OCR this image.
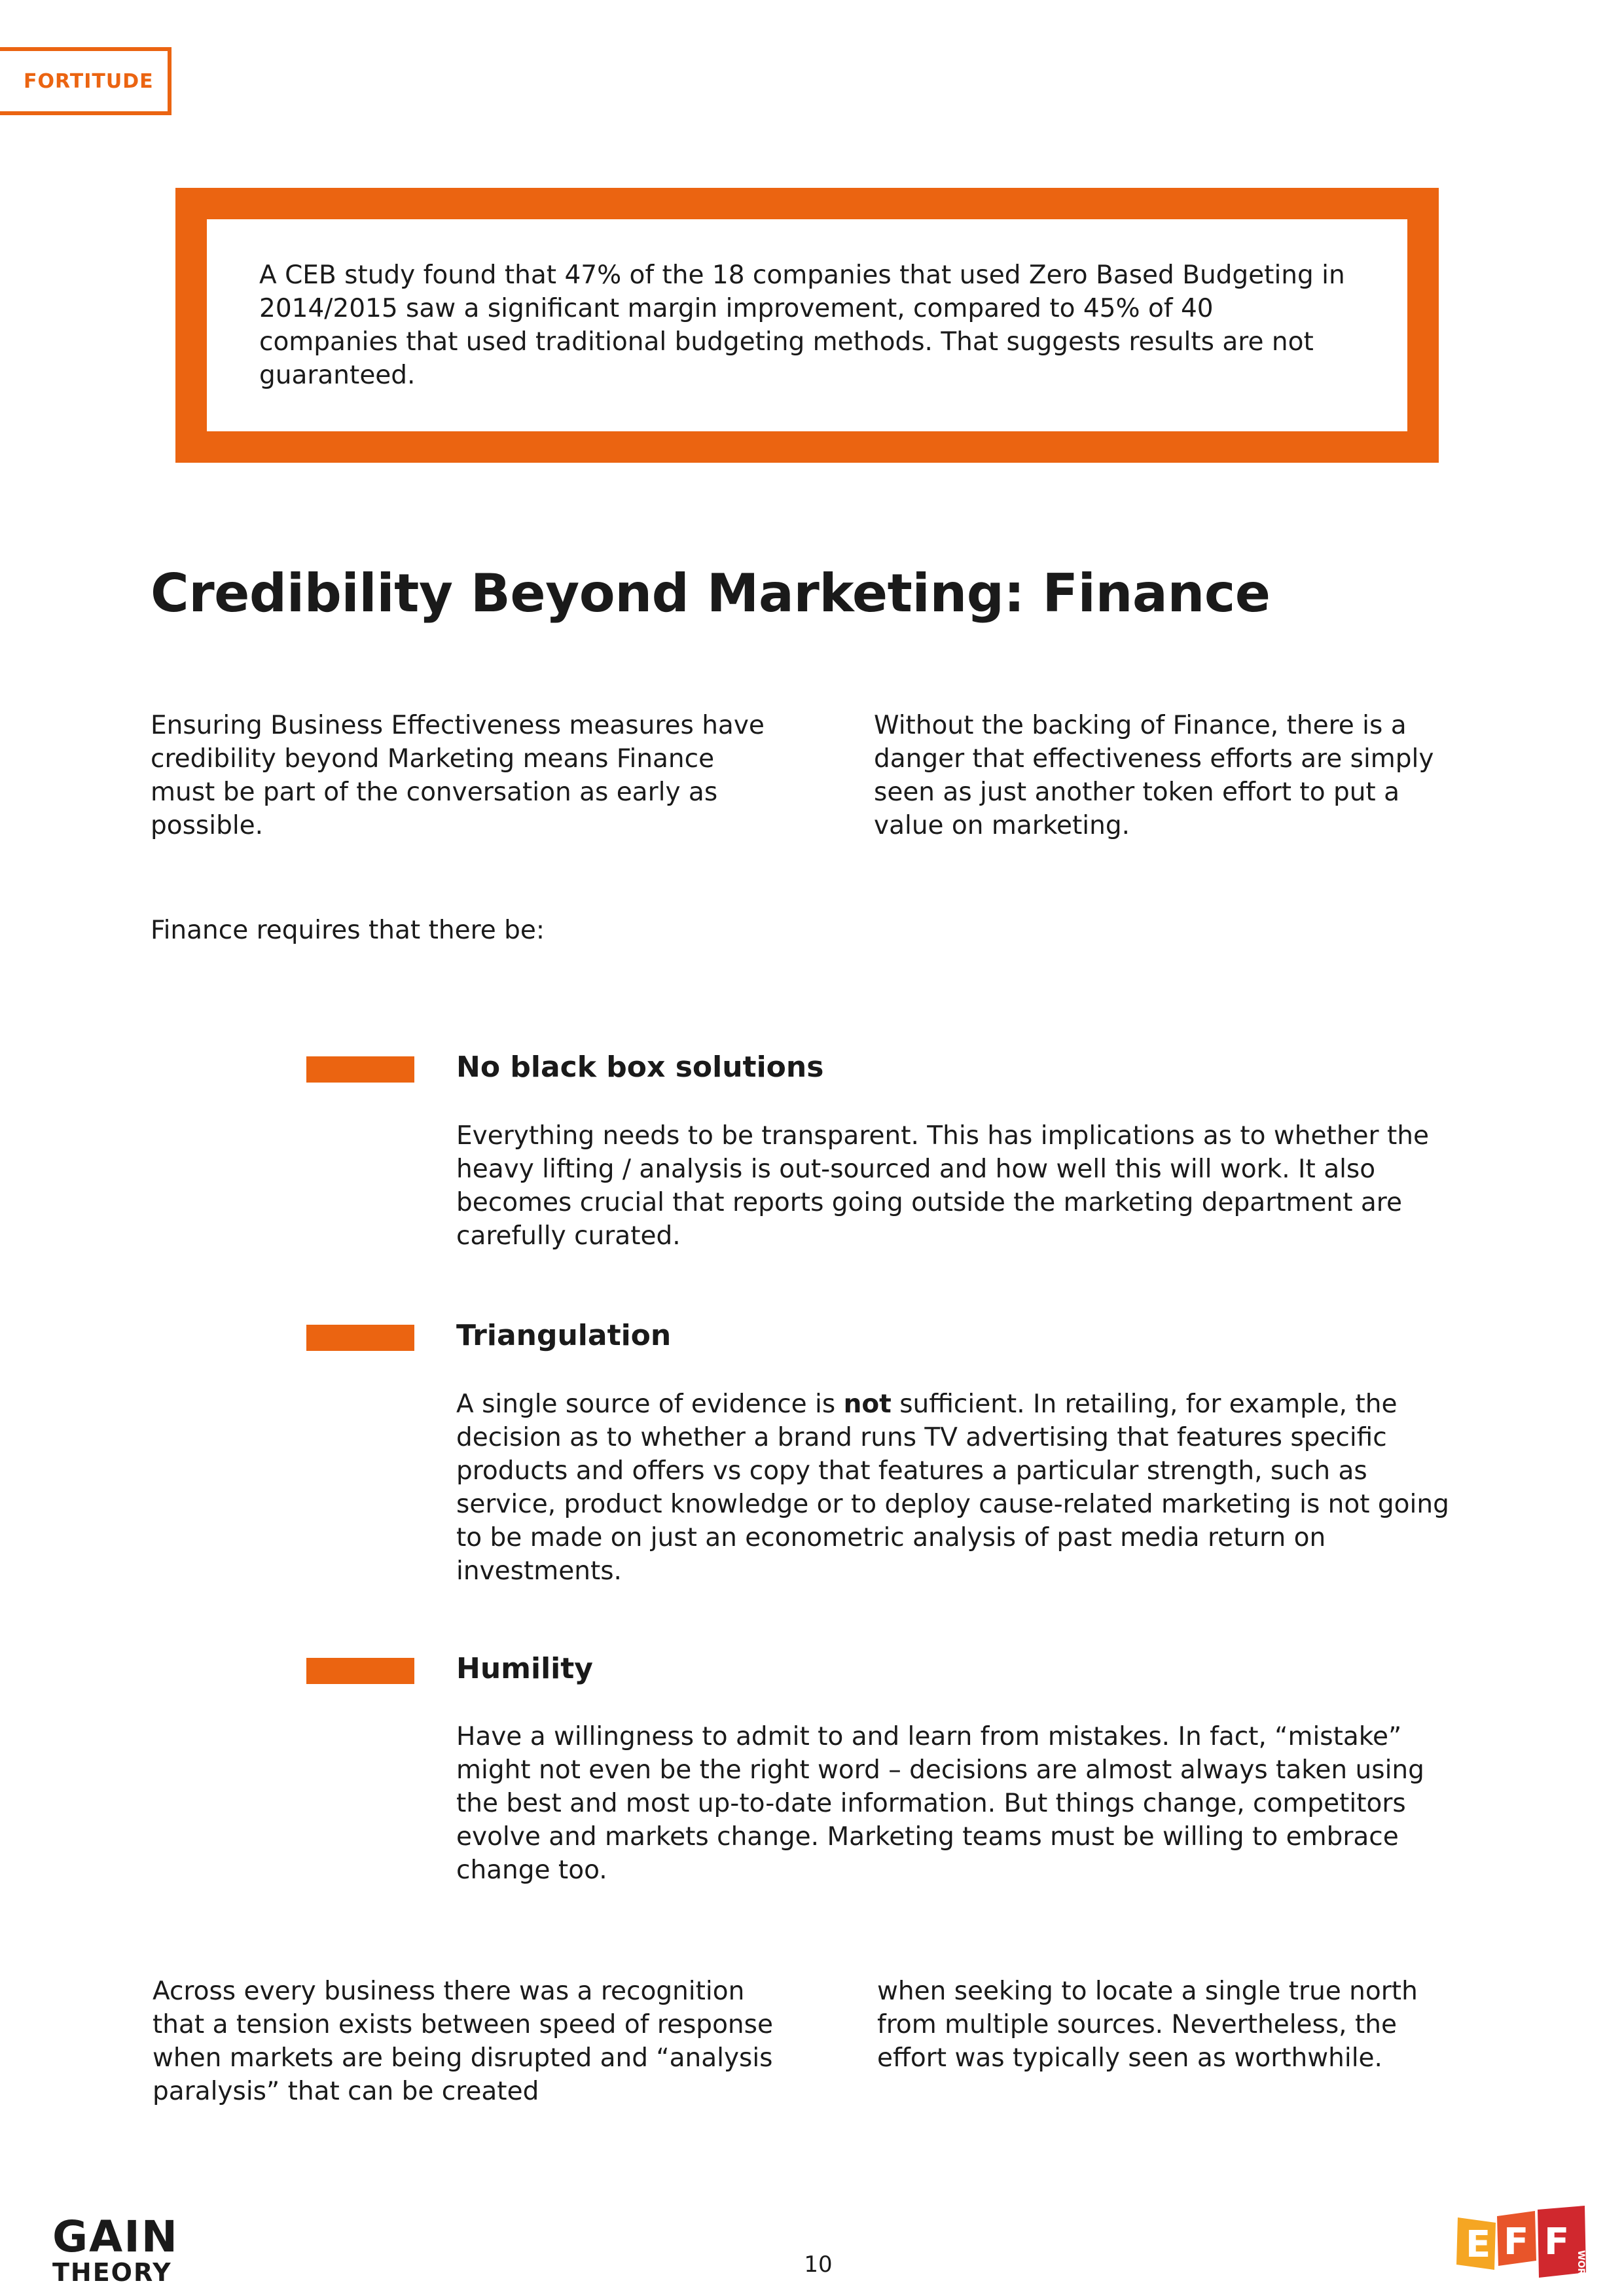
FORTITUDE

A CEB study found that 47% of the 18 companies that used Zero Based Budgeting in 2014/2015 saw a significant margin improvement, compared to 45% of 40 companies that used traditional budgeting methods. That suggests results are not guaranteed.

Credibility Beyond Marketing: Finance

Ensuring Business Effectiveness measures have credibility beyond Marketing means Finance must be part of the conversation as early as possible.

Without the backing of Finance, there is a danger that effectiveness efforts are simply seen as just another token effort to put a value on marketing.

Finance requires that there be:

No black box solutions

Everything needs to be transparent. This has implications as to whether the heavy lifting / analysis is out-sourced and how well this will work. It also becomes crucial that reports going outside the marketing department are carefully curated.

Triangulation

A single source of evidence is not sufficient. In retailing, for example, the decision as to whether a brand runs TV advertising that features specific products and offers vs copy that features a particular strength, such as service, product knowledge or to deploy cause-related marketing is not going to be made on just an econometric analysis of past media return on investments.

Humility

Have a willingness to admit to and learn from mistakes. In fact, “mistake” might not even be the right word – decisions are almost always taken using the best and most up-to-date information. But things change, competitors evolve and markets change. Marketing teams must be willing to embrace change too.

Across every business there was a recognition that a tension exists between speed of response when markets are being disrupted and “analysis paralysis” that can be created

when seeking to locate a single true north from multiple sources. Nevertheless, the effort was typically seen as worthwhile.

GAIN
THEORY	10	E F F
WORKS
